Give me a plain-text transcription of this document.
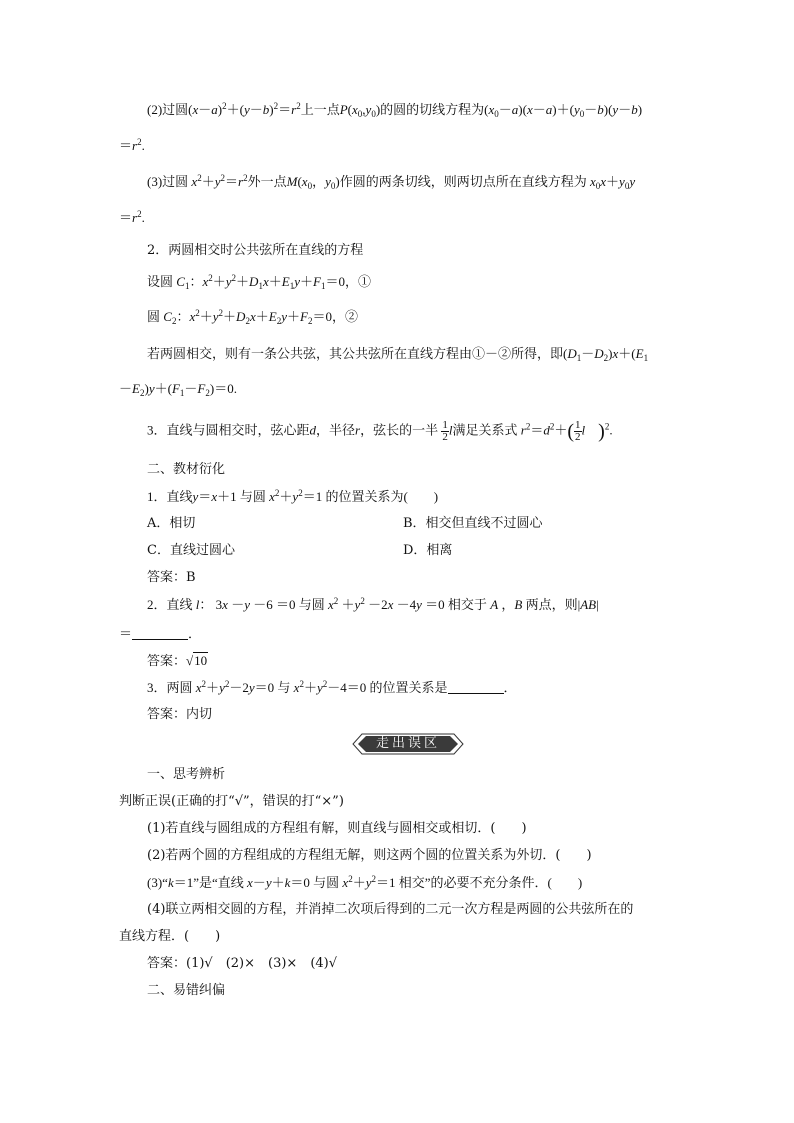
(2)过圆$(x-a)^2+(y-b)^2=r^2$上一点$P(x_0,y_0)$的圆的切线方程为$(x_0-a)(x-a)+(y_0-b)(y-b)$
$=r^2$.
(3)过圆 $x^2+y^2=r^2$外一点$M(x_0$，$y_0$)作圆的两条切线，则两切点所在直线方程为 $x_0x+y_0y$
$=r^2$.
2．两圆相交时公共弦所在直线的方程
设圆 $C_1$：$x^2+y^2+D_1x+E_1y+F_1=0$，①
圆 $C_2$：$x^2+y^2+D_2x+E_2y+F_2=0$，②
若两圆相交，则有一条公共弦，其公共弦所在直线方程由①－②所得，即$(D_1-D_2)x+(E_1$
$-E_2)y+(F_1-F_2)=0$.
3．直线与圆相交时，弦心距d，半径r，弦长的一半 $\frac{1}{2}$ l满足关系式 $r^2=d^2+( \frac{1}{2}$ l   )$^2$.
二、教材衍化
1．直线y＝x＋1 与圆 $x^2+y^2=1$ 的位置关系为(　　)
A．相切	B．相交但直线不过圆心
C．直线过圆心	D．相离
答案：B
2．直线 l： 3x －y －6 ＝0 与圆 $x^2 +y^2 -2x -4y =0$ 相交于 A ，B 两点，则|AB|
＝	．
答案：√10
3．两圆 $x^2+y^2-2y=0$ 与 $x^2+y^2-4=0$ 的位置关系是	．
答案：内切
走出误区
一、思考辨析
判断正误(正确的打“√”，错误的打“×”)
(1)若直线与圆组成的方程组有解，则直线与圆相交或相切．(　　)
(2)若两个圆的方程组成的方程组无解，则这两个圆的位置关系为外切．(　　)
(3)“k＝1”是“直线 x－y＋k＝0 与圆 $x^2+y^2=1$ 相交”的必要不充分条件．(　　)
(4)联立两相交圆的方程，并消掉二次项后得到的二元一次方程是两圆的公共弦所在的
直线方程．(　　)
答案：(1)√　(2)×　(3)×　(4)√
二、易错纠偏
